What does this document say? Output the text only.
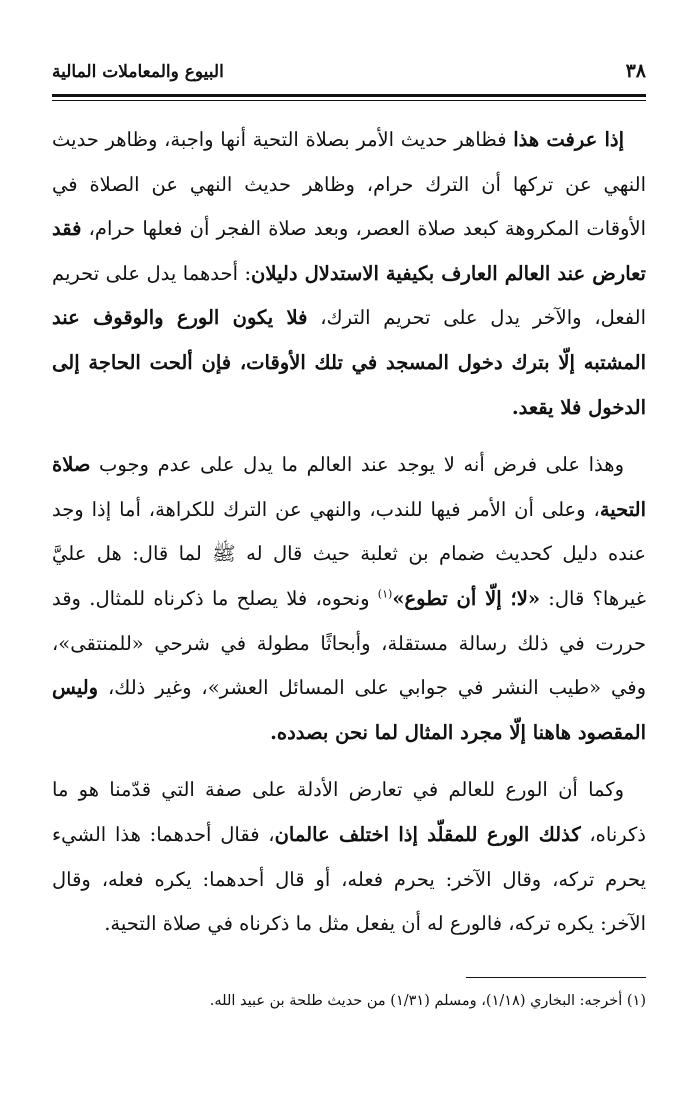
٣٨
البيوع والمعاملات المالية

إذا عرفت هذا فظاهر حديث الأمر بصلاة التحية أنها واجبة، وظاهر حديث النهي عن تركها أن الترك حرام، وظاهر حديث النهي عن الصلاة في الأوقات المكروهة كبعد صلاة العصر، وبعد صلاة الفجر أن فعلها حرام، فقد تعارض عند العالم العارف بكيفية الاستدلال دليلان: أحدهما يدل على تحريم الفعل، والآخر يدل على تحريم الترك، فلا يكون الورع والوقوف عند المشتبه إلّا بترك دخول المسجد في تلك الأوقات، فإن ألحت الحاجة إلى الدخول فلا يقعد.

وهذا على فرض أنه لا يوجد عند العالم ما يدل على عدم وجوب صلاة التحية، وعلى أن الأمر فيها للندب، والنهي عن الترك للكراهة، أما إذا وجد عنده دليل كحديث ضمام بن ثعلبة حيث قال له ﷺ لما قال: هل عليَّ غيرها؟ قال: «لا؛ إلّا أن تطوع»$^{(١)}$ ونحوه، فلا يصلح ما ذكرناه للمثال. وقد حررت في ذلك رسالة مستقلة، وأبحاثًا مطولة في شرحي «للمنتقى»، وفي «طيب النشر في جوابي على المسائل العشر»، وغير ذلك، وليس المقصود هاهنا إلّا مجرد المثال لما نحن بصدده.

وكما أن الورع للعالم في تعارض الأدلة على صفة التي قدّمنا هو ما ذكرناه، كذلك الورع للمقلّد إذا اختلف عالمان، فقال أحدهما: هذا الشيء يحرم تركه، وقال الآخر: يحرم فعله، أو قال أحدهما: يكره فعله، وقال الآخر: يكره تركه، فالورع له أن يفعل مثل ما ذكرناه في صلاة التحية.

(١) أخرجه: البخاري (١/١٨)، ومسلم (١/٣١) من حديث طلحة بن عبيد الله.
